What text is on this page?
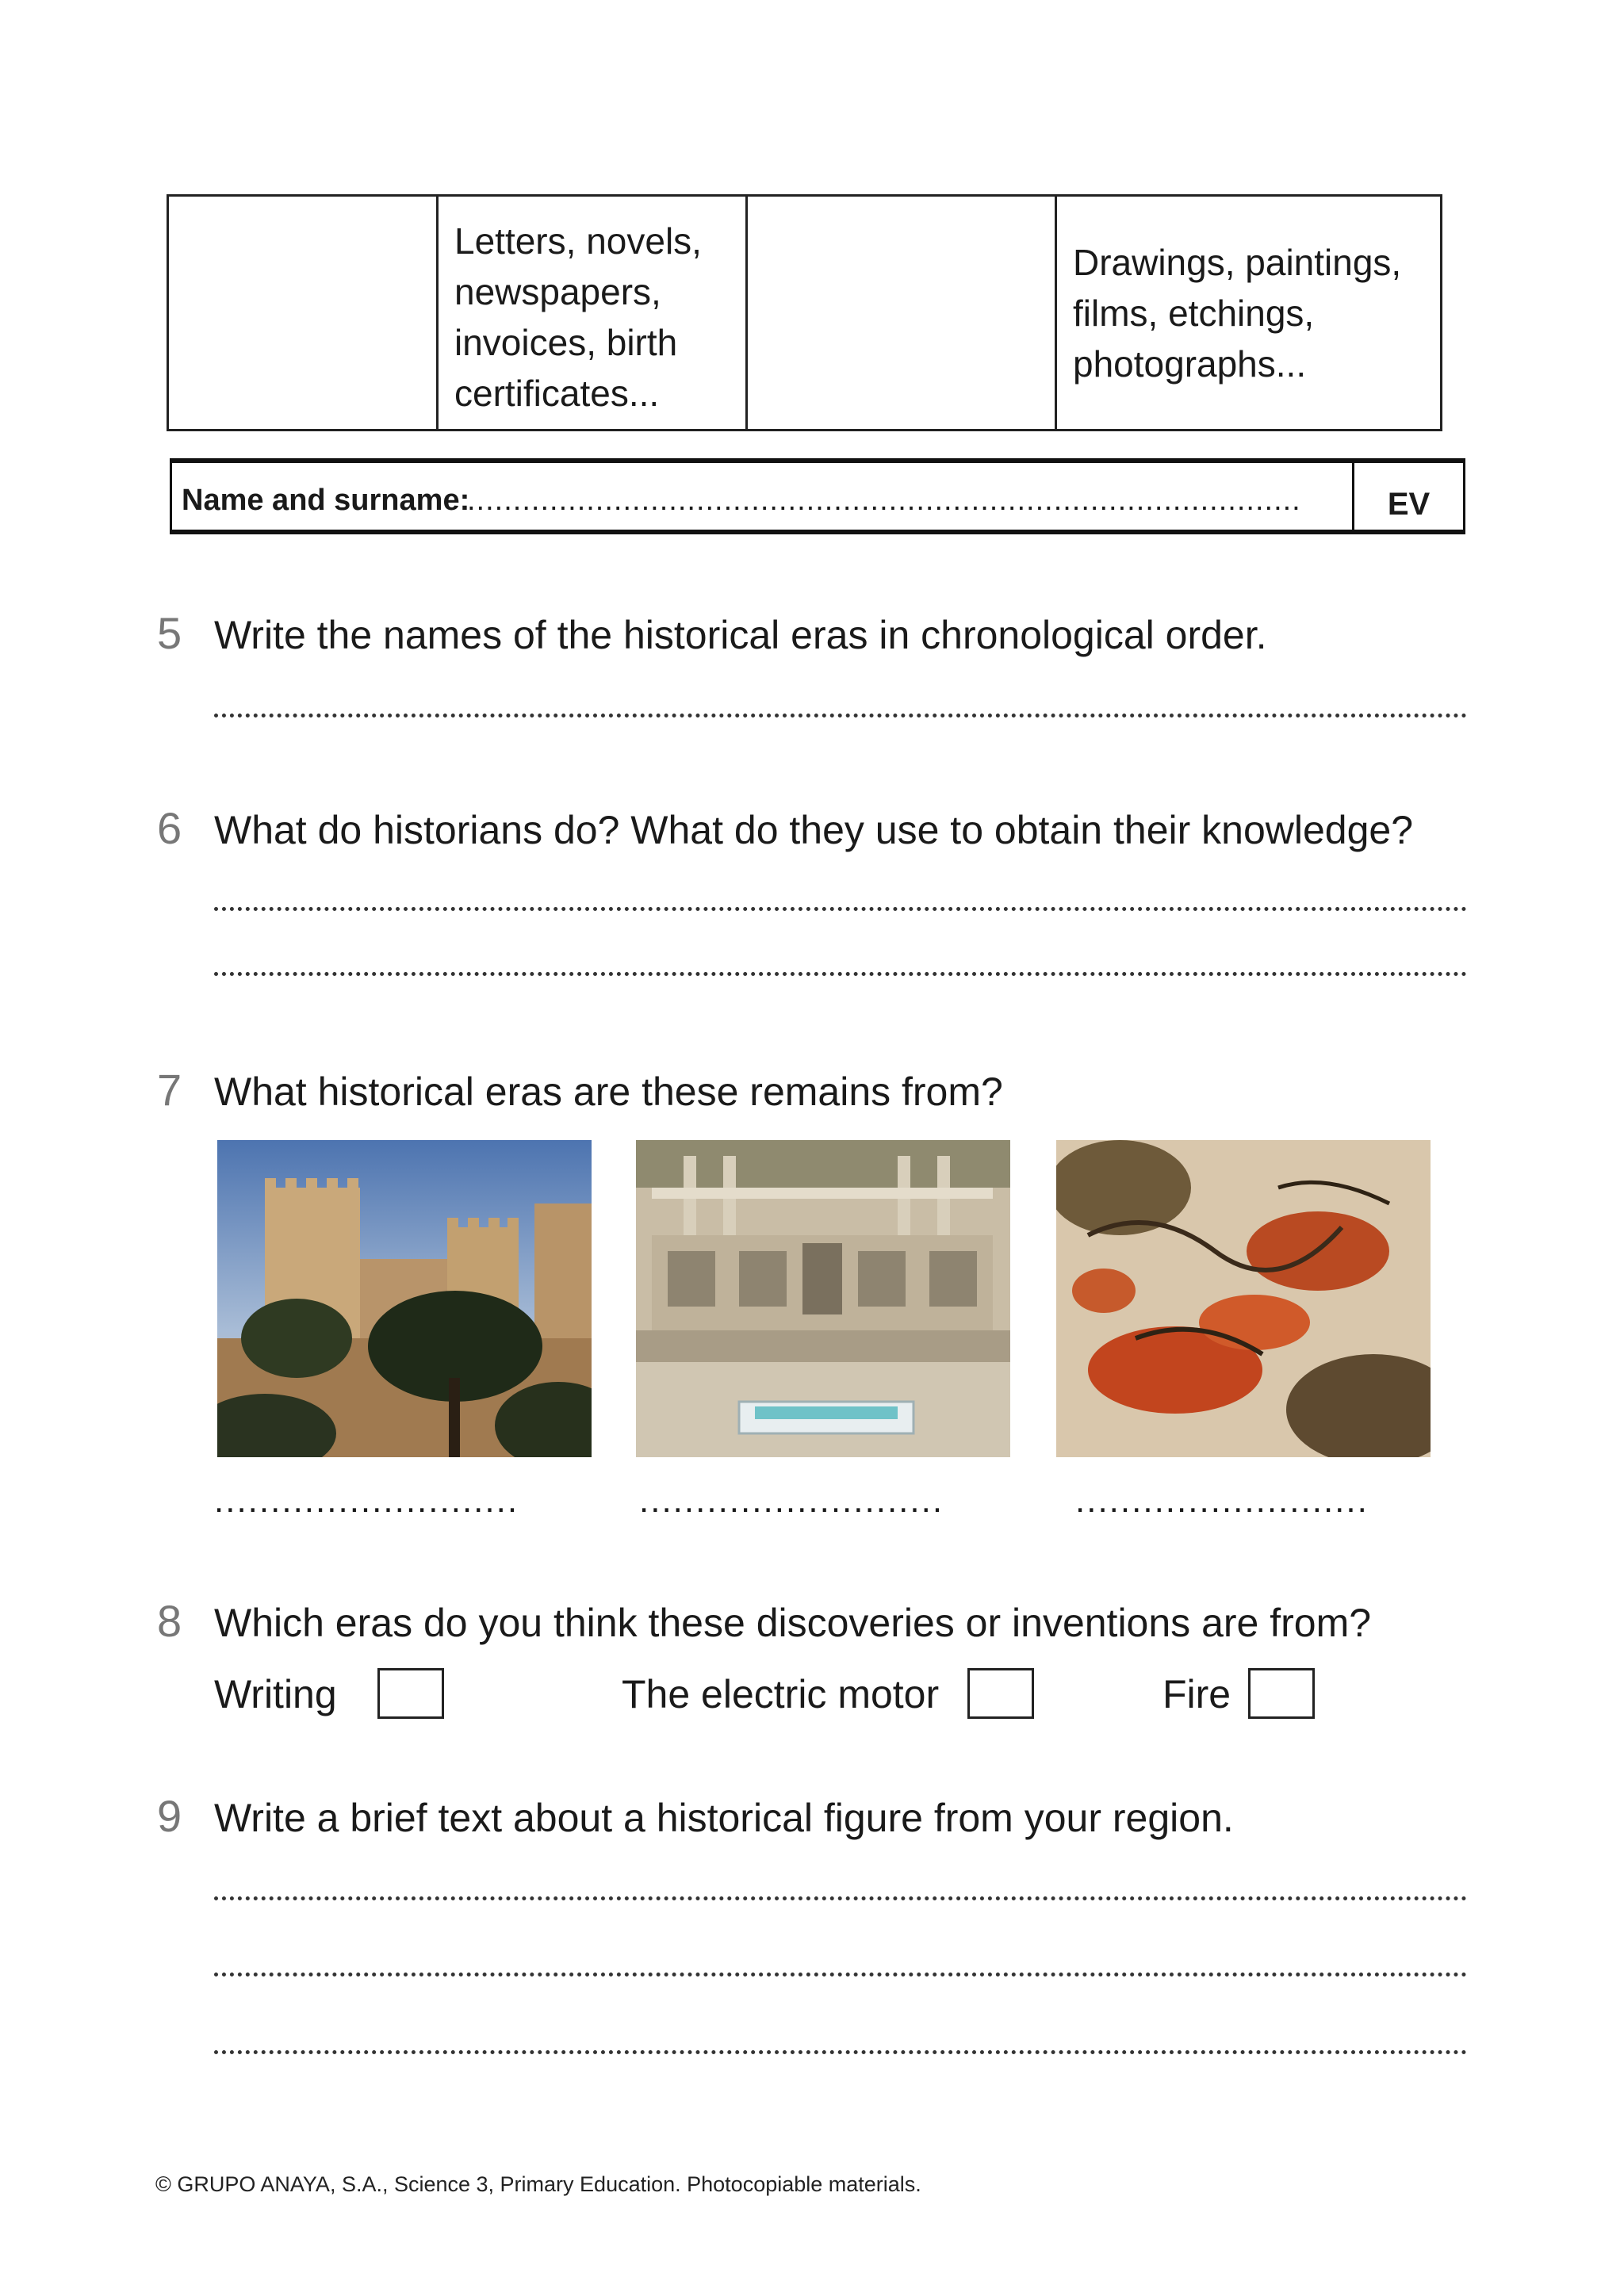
	Letters, novels, newspapers, invoices, birth certificates...		Drawings, paintings, films, etchings, photographs...
Name and surname:
...........................................................................................	EV
5 Write the names of the historical eras in chronological order.
6 What do historians do? What do they use to obtain their knowledge?
7 What historical eras are these remains from?
...........................	...........................	..........................
8 Which eras do you think these discoveries or inventions are from?
Writing	The electric motor	Fire
9 Write a brief text about a historical figure from your region.
© GRUPO ANAYA, S.A., Science 3, Primary Education. Photocopiable materials.
